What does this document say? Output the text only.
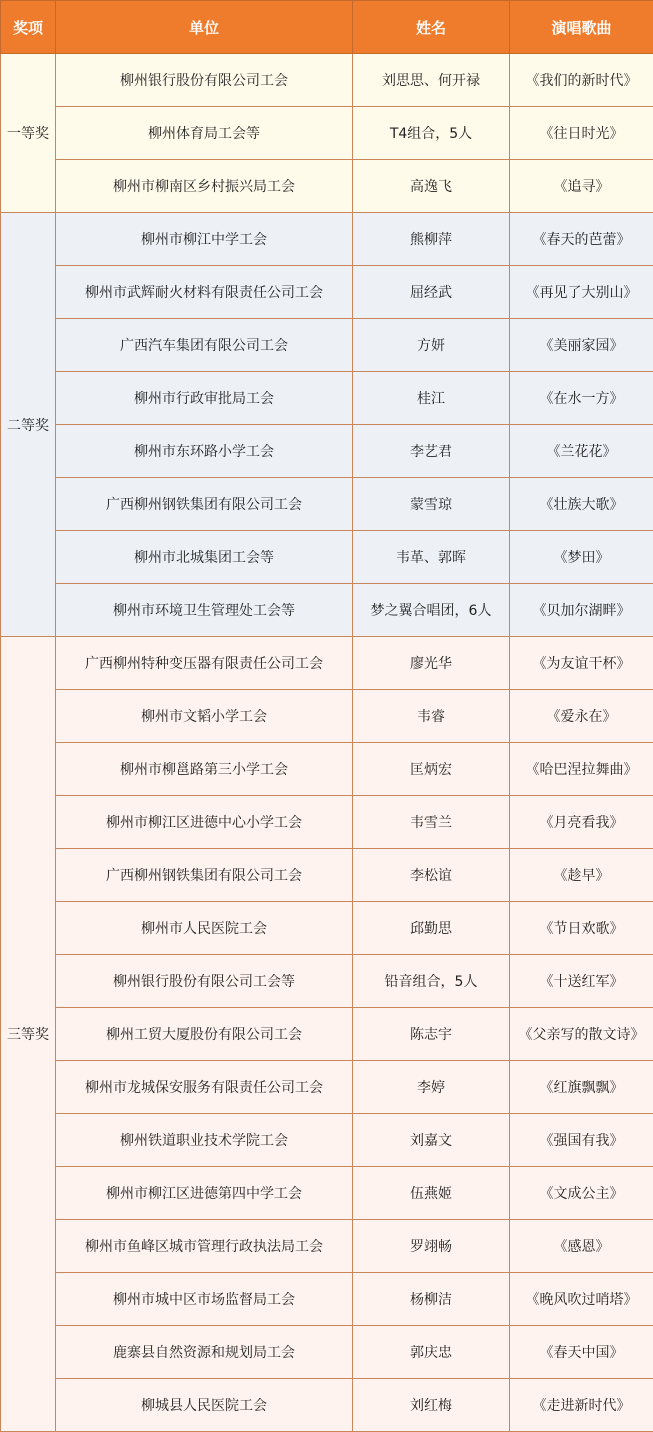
奖项	单位	姓名	演唱歌曲
一等奖	柳州银行股份有限公司工会	刘思思、何开禄	《我们的新时代》
	柳州体育局工会等	T4组合，5人	《往日时光》
	柳州市柳南区乡村振兴局工会	高逸飞	《追寻》
二等奖	柳州市柳江中学工会	熊柳萍	《春天的芭蕾》
	柳州市武辉耐火材料有限责任公司工会	屈经武	《再见了大别山》
	广西汽车集团有限公司工会	方妍	《美丽家园》
	柳州市行政审批局工会	桂江	《在水一方》
	柳州市东环路小学工会	李艺君	《兰花花》
	广西柳州钢铁集团有限公司工会	蒙雪琼	《壮族大歌》
	柳州市北城集团工会等	韦革、郭晖	《梦田》
	柳州市环境卫生管理处工会等	梦之翼合唱团，6人	《贝加尔湖畔》
三等奖	广西柳州特种变压器有限责任公司工会	廖光华	《为友谊干杯》
	柳州市文韬小学工会	韦睿	《爱永在》
	柳州市柳邕路第三小学工会	匡炳宏	《哈巴涅拉舞曲》
	柳州市柳江区进德中心小学工会	韦雪兰	《月亮看我》
	广西柳州钢铁集团有限公司工会	李松谊	《趁早》
	柳州市人民医院工会	邱勤思	《节日欢歌》
	柳州银行股份有限公司工会等	铅音组合，5人	《十送红军》
	柳州工贸大厦股份有限公司工会	陈志宇	《父亲写的散文诗》
	柳州市龙城保安服务有限责任公司工会	李婷	《红旗飘飘》
	柳州铁道职业技术学院工会	刘嘉文	《强国有我》
	柳州市柳江区进德第四中学工会	伍燕姬	《文成公主》
	柳州市鱼峰区城市管理行政执法局工会	罗翊畅	《感恩》
	柳州市城中区市场监督局工会	杨柳洁	《晚风吹过哨塔》
	鹿寨县自然资源和规划局工会	郭庆忠	《春天中国》
	柳城县人民医院工会	刘红梅	《走进新时代》
